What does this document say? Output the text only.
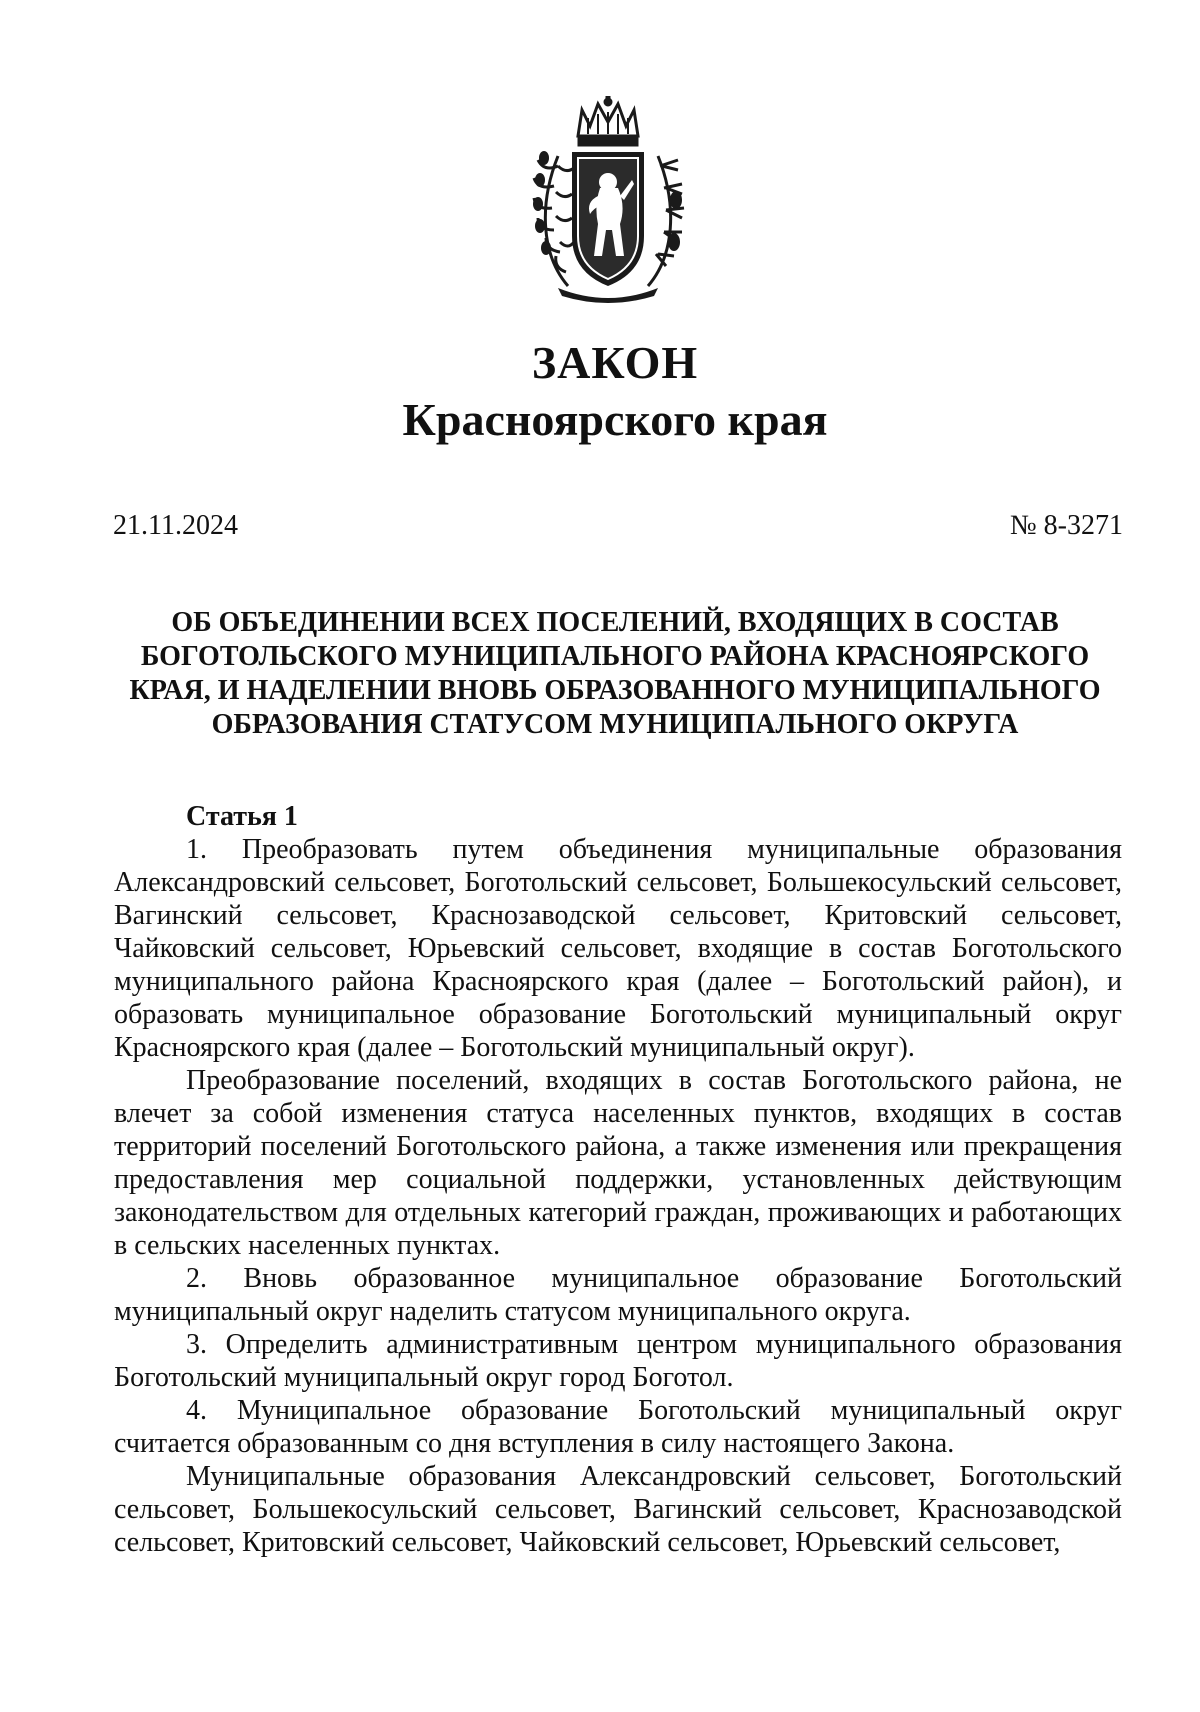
ЗАКОН
Красноярского края
21.11.2024	№ 8-3271
ОБ ОБЪЕДИНЕНИИ ВСЕХ ПОСЕЛЕНИЙ, ВХОДЯЩИХ В СОСТАВ БОГОТОЛЬСКОГО МУНИЦИПАЛЬНОГО РАЙОНА КРАСНОЯРСКОГО КРАЯ, И НАДЕЛЕНИИ ВНОВЬ ОБРАЗОВАННОГО МУНИЦИПАЛЬНОГО ОБРАЗОВАНИЯ СТАТУСОМ МУНИЦИПАЛЬНОГО ОКРУГА
Статья 1

1. Преобразовать путем объединения муниципальные образования Александровский сельсовет, Боготольский сельсовет, Большекосульский сельсовет, Вагинский сельсовет, Краснозаводской сельсовет, Критовский сельсовет, Чайковский сельсовет, Юрьевский сельсовет, входящие в состав Боготольского муниципального района Красноярского края (далее – Боготольский район), и образовать муниципальное образование Боготольский муниципальный округ Красноярского края (далее – Боготольский муниципальный округ).

Преобразование поселений, входящих в состав Боготольского района, не влечет за собой изменения статуса населенных пунктов, входящих в состав территорий поселений Боготольского района, а также изменения или прекращения предоставления мер социальной поддержки, установленных действующим законодательством для отдельных категорий граждан, проживающих и работающих в сельских населенных пунктах.

2. Вновь образованное муниципальное образование Боготольский муниципальный округ наделить статусом муниципального округа.

3. Определить административным центром муниципального образования Боготольский муниципальный округ город Боготол.

4. Муниципальное образование Боготольский муниципальный округ считается образованным со дня вступления в силу настоящего Закона.

Муниципальные образования Александровский сельсовет, Боготольский сельсовет, Большекосульский сельсовет, Вагинский сельсовет, Краснозаводской сельсовет, Критовский сельсовет, Чайковский сельсовет, Юрьевский сельсовет,
